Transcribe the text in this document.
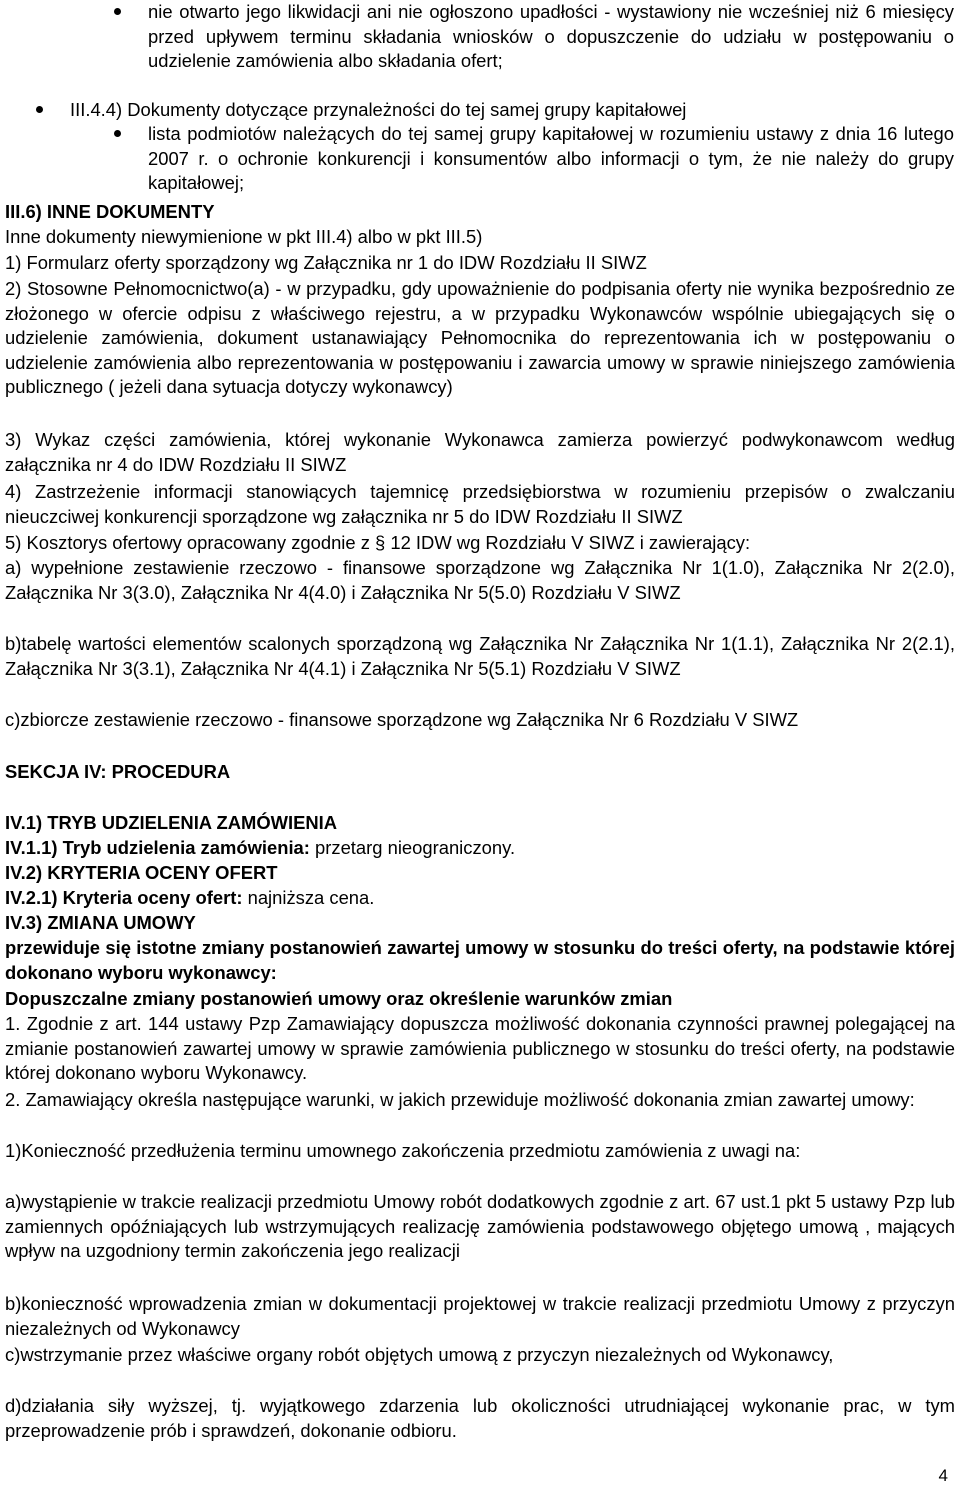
nie otwarto jego likwidacji ani nie ogłoszono upadłości - wystawiony nie wcześniej niż 6 miesięcy przed upływem terminu składania wniosków o dopuszczenie do udziału w postępowaniu o udzielenie zamówienia albo składania ofert;

III.4.4) Dokumenty dotyczące przynależności do tej samej grupy kapitałowej

lista podmiotów należących do tej samej grupy kapitałowej w rozumieniu ustawy z dnia 16 lutego 2007 r. o ochronie konkurencji i konsumentów albo informacji o tym, że nie należy do grupy kapitałowej;

III.6) INNE DOKUMENTY

Inne dokumenty niewymienione w pkt III.4) albo w pkt III.5)

1) Formularz oferty sporządzony wg Załącznika nr 1 do IDW Rozdziału II SIWZ

2) Stosowne Pełnomocnictwo(a) - w przypadku, gdy upoważnienie do podpisania oferty nie wynika bezpośrednio ze złożonego w ofercie odpisu z właściwego rejestru, a w przypadku Wykonawców wspólnie ubiegających się o udzielenie zamówienia, dokument ustanawiający Pełnomocnika do reprezentowania ich w postępowaniu o udzielenie zamówienia albo reprezentowania w postępowaniu i zawarcia umowy w sprawie niniejszego zamówienia publicznego ( jeżeli dana sytuacja dotyczy wykonawcy)

3) Wykaz części zamówienia, której wykonanie Wykonawca zamierza powierzyć podwykonawcom według załącznika nr 4 do IDW Rozdziału II SIWZ

4) Zastrzeżenie informacji stanowiących tajemnicę przedsiębiorstwa w rozumieniu przepisów o zwalczaniu nieuczciwej konkurencji sporządzone wg załącznika nr 5 do IDW Rozdziału II SIWZ

5) Kosztorys ofertowy opracowany zgodnie z § 12 IDW wg Rozdziału V SIWZ i zawierający:

a) wypełnione zestawienie rzeczowo - finansowe sporządzone wg Załącznika Nr 1(1.0), Załącznika Nr 2(2.0), Załącznika Nr 3(3.0), Załącznika Nr 4(4.0) i Załącznika Nr 5(5.0) Rozdziału V SIWZ

b)tabelę wartości elementów scalonych sporządzoną wg Załącznika Nr Załącznika Nr 1(1.1), Załącznika Nr 2(2.1), Załącznika Nr 3(3.1), Załącznika Nr 4(4.1) i Załącznika Nr 5(5.1) Rozdziału V SIWZ

c)zbiorcze zestawienie rzeczowo - finansowe sporządzone wg Załącznika Nr 6 Rozdziału V SIWZ

SEKCJA IV: PROCEDURA

IV.1) TRYB UDZIELENIA ZAMÓWIENIA

IV.1.1) Tryb udzielenia zamówienia: przetarg nieograniczony.

IV.2) KRYTERIA OCENY OFERT

IV.2.1) Kryteria oceny ofert: najniższa cena.

IV.3) ZMIANA UMOWY

przewiduje się istotne zmiany postanowień zawartej umowy w stosunku do treści oferty, na podstawie której dokonano wyboru wykonawcy:

Dopuszczalne zmiany postanowień umowy oraz określenie warunków zmian

1. Zgodnie z art. 144 ustawy Pzp Zamawiający dopuszcza możliwość dokonania czynności prawnej polegającej na zmianie postanowień zawartej umowy w sprawie zamówienia publicznego w stosunku do treści oferty, na podstawie której dokonano wyboru Wykonawcy.

2. Zamawiający określa następujące warunki, w jakich przewiduje możliwość dokonania zmian zawartej umowy:

1)Konieczność przedłużenia terminu umownego zakończenia przedmiotu zamówienia z uwagi na:

a)wystąpienie w trakcie realizacji przedmiotu Umowy robót dodatkowych zgodnie z art. 67 ust.1 pkt 5 ustawy Pzp lub zamiennych opóźniających lub wstrzymujących realizację zamówienia podstawowego objętego umową , mających wpływ na uzgodniony termin zakończenia jego realizacji

b)konieczność wprowadzenia zmian w dokumentacji projektowej w trakcie realizacji przedmiotu Umowy z przyczyn niezależnych od Wykonawcy

c)wstrzymanie przez właściwe organy robót objętych umową z przyczyn niezależnych od Wykonawcy,

d)działania siły wyższej, tj. wyjątkowego zdarzenia lub okoliczności utrudniającej wykonanie prac, w tym przeprowadzenie prób i sprawdzeń, dokonanie odbioru.

4
